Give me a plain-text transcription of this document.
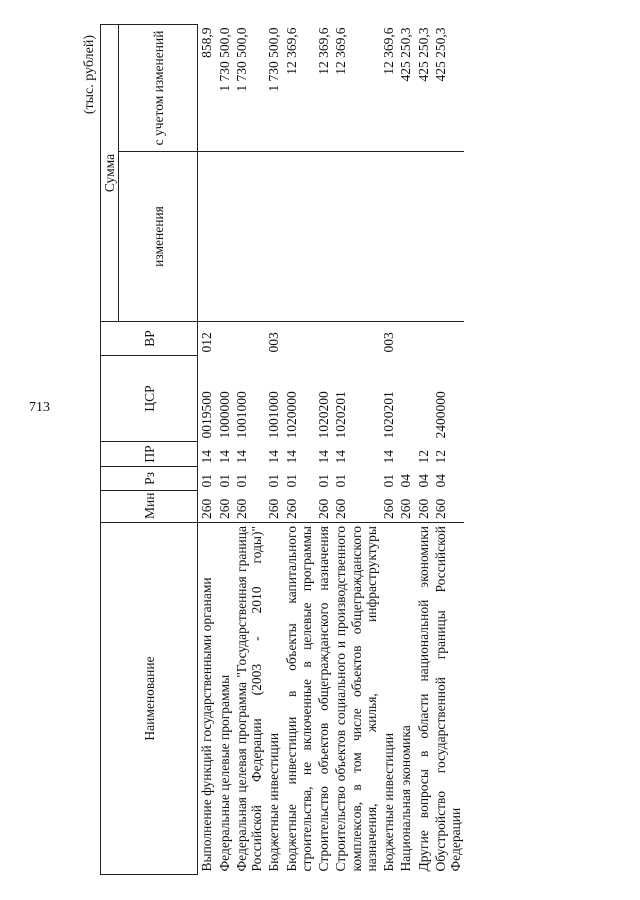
713
(тыс. рублей)
Наименование	Мин	Рз	ПР	ЦСР	ВР	Сумма	
						изменения	с учетом изменений
Выполнение функций государственными органами	260	01	14	0019500	012		858,9
Федеральные целевые программы	260	01	14	1000000			1 730 500,0
Федеральная целевая программа "Государственная граница Российской Федерации (2003 - 2010 годы)"	260	01	14	1001000			1 730 500,0
Бюджетные инвестиции	260	01	14	1001000	003		1 730 500,0
Бюджетные инвестиции в объекты капитального строительства, не включенные в целевые программы	260	01	14	1020000			12 369,6
Строительство объектов общегражданского назначения	260	01	14	1020200			12 369,6
Строительство объектов социального и производственного комплексов, в том числе объектов общегражданского назначения, жилья, инфраструктуры	260	01	14	1020201			12 369,6
Бюджетные инвестиции	260	01	14	1020201	003		12 369,6
Национальная экономика	260	04					425 250,3
Другие вопросы в области национальной экономики	260	04	12				425 250,3
Обустройство государственной границы Российской Федерации	260	04	12	2400000			425 250,3
